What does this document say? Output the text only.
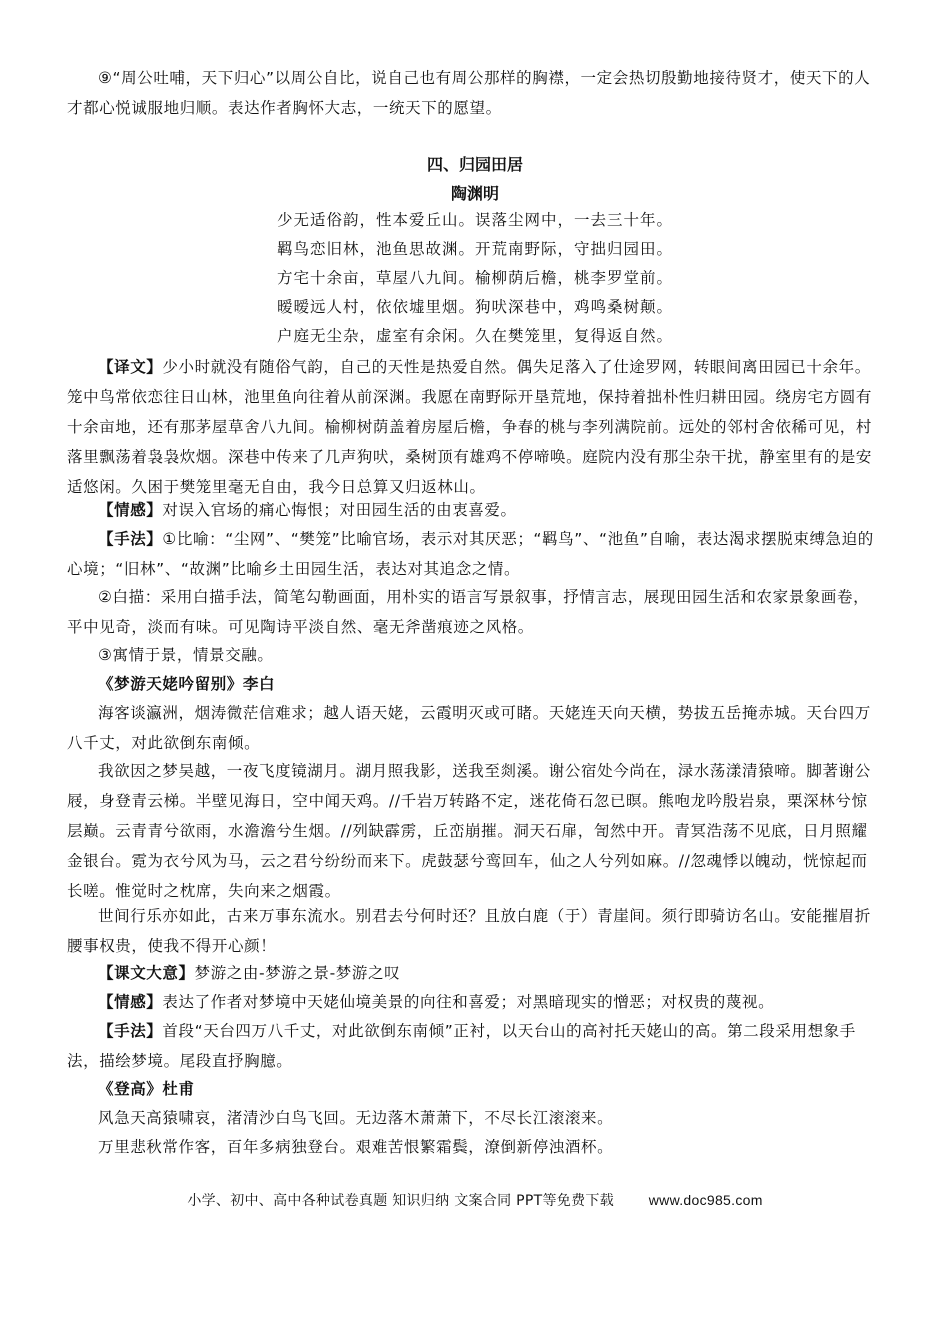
⑨“周公吐哺，天下归心”以周公自比，说自己也有周公那样的胸襟，一定会热切殷勤地接待贤才，使天下的人才都心悦诚服地归顺。表达作者胸怀大志，一统天下的愿望。

四、归园田居

陶渊明

少无适俗韵，性本爱丘山。误落尘网中，一去三十年。

羁鸟恋旧林，池鱼思故渊。开荒南野际，守拙归园田。

方宅十余亩，草屋八九间。榆柳荫后檐，桃李罗堂前。

暧暧远人村，依依墟里烟。狗吠深巷中，鸡鸣桑树颠。

户庭无尘杂，虚室有余闲。久在樊笼里，复得返自然。

【译文】少小时就没有随俗气韵，自己的天性是热爱自然。偶失足落入了仕途罗网，转眼间离田园已十余年。笼中鸟常依恋往日山林，池里鱼向往着从前深渊。我愿在南野际开垦荒地，保持着拙朴性归耕田园。绕房宅方圆有十余亩地，还有那茅屋草舍八九间。榆柳树荫盖着房屋后檐，争春的桃与李列满院前。远处的邻村舍依稀可见，村落里飘荡着袅袅炊烟。深巷中传来了几声狗吠，桑树顶有雄鸡不停啼唤。庭院内没有那尘杂干扰，静室里有的是安适悠闲。久困于樊笼里毫无自由，我今日总算又归返林山。

【情感】对误入官场的痛心悔恨；对田园生活的由衷喜爱。

【手法】①比喻：“尘网”、“樊笼”比喻官场，表示对其厌恶；“羁鸟”、“池鱼”自喻，表达渴求摆脱束缚急迫的心境；“旧林”、“故渊”比喻乡土田园生活，表达对其追念之情。

②白描：采用白描手法，简笔勾勒画面，用朴实的语言写景叙事，抒情言志，展现田园生活和农家景象画卷，平中见奇，淡而有味。可见陶诗平淡自然、毫无斧凿痕迹之风格。

③寓情于景，情景交融。

《梦游天姥吟留别》李白

海客谈瀛洲，烟涛微茫信难求；越人语天姥，云霞明灭或可睹。天姥连天向天横，势拔五岳掩赤城。天台四万八千丈，对此欲倒东南倾。

我欲因之梦吴越，一夜飞度镜湖月。湖月照我影，送我至剡溪。谢公宿处今尚在，渌水荡漾清猿啼。脚著谢公屐，身登青云梯。半壁见海日，空中闻天鸡。//千岩万转路不定，迷花倚石忽已暝。熊咆龙吟殷岩泉，栗深林兮惊层巅。云青青兮欲雨，水澹澹兮生烟。//列缺霹雳，丘峦崩摧。洞天石扉，訇然中开。青冥浩荡不见底，日月照耀金银台。霓为衣兮风为马，云之君兮纷纷而来下。虎鼓瑟兮鸾回车，仙之人兮列如麻。//忽魂悸以魄动，恍惊起而长嗟。惟觉时之枕席，失向来之烟霞。

世间行乐亦如此，古来万事东流水。别君去兮何时还？且放白鹿（于）青崖间。须行即骑访名山。安能摧眉折腰事权贵，使我不得开心颜！

【课文大意】梦游之由-梦游之景-梦游之叹

【情感】表达了作者对梦境中天姥仙境美景的向往和喜爱；对黑暗现实的憎恶；对权贵的蔑视。

【手法】首段“天台四万八千丈，对此欲倒东南倾”正衬，以天台山的高衬托天姥山的高。第二段采用想象手法，描绘梦境。尾段直抒胸臆。

《登高》杜甫

风急天高猿啸哀，渚清沙白鸟飞回。无边落木萧萧下，不尽长江滚滚来。

万里悲秋常作客，百年多病独登台。艰难苦恨繁霜鬓，潦倒新停浊酒杯。

小学、初中、高中各种试卷真题 知识归纳 文案合同 PPT等免费下载 www.doc985.com
